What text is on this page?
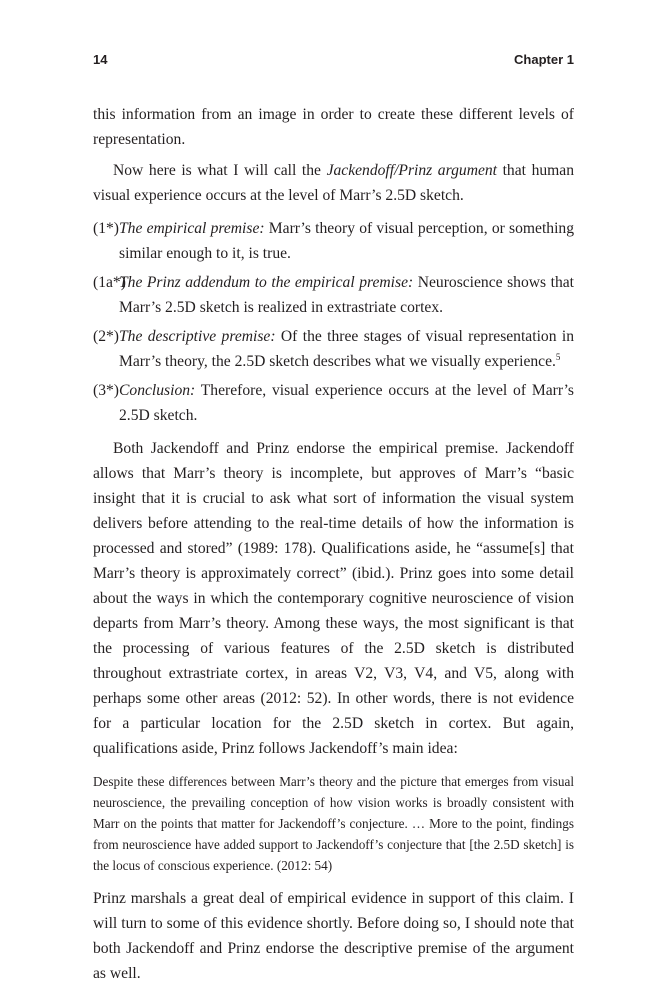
14	Chapter 1

this information from an image in order to create these different levels of representation.

Now here is what I will call the Jackendoff/Prinz argument that human visual experience occurs at the level of Marr’s 2.5D sketch.

(1*) The empirical premise: Marr’s theory of visual perception, or something similar enough to it, is true.

(1a*)
The Prinz addendum to the empirical premise: Neuroscience shows that Marr’s 2.5D sketch is realized in extrastriate cortex.

(2*) The descriptive premise: Of the three stages of visual representation in Marr’s theory, the 2.5D sketch describes what we visually experience.$^5$

(3*) Conclusion: Therefore, visual experience occurs at the level of Marr’s 2.5D sketch.

Both Jackendoff and Prinz endorse the empirical premise. Jackendoff allows that Marr’s theory is incomplete, but approves of Marr’s “basic insight that it is crucial to ask what sort of information the visual system delivers before attending to the real-time details of how the information is processed and stored” (1989: 178). Qualifications aside, he “assume[s] that Marr’s theory is approximately correct” (ibid.). Prinz goes into some detail about the ways in which the contemporary cognitive neuroscience of vision departs from Marr’s theory. Among these ways, the most significant is that the processing of various features of the 2.5D sketch is distributed throughout extrastriate cortex, in areas V2, V3, V4, and V5, along with perhaps some other areas (2012: 52). In other words, there is not evidence for a particular location for the 2.5D sketch in cortex. But again, qualifications aside, Prinz follows Jackendoff’s main idea:

Despite these differences between Marr’s theory and the picture that emerges from visual neuroscience, the prevailing conception of how vision works is broadly consistent with Marr on the points that matter for Jackendoff’s conjecture. … More to the point, findings from neuroscience have added support to Jackendoff’s conjecture that [the 2.5D sketch] is the locus of conscious experience. (2012: 54)

Prinz marshals a great deal of empirical evidence in support of this claim. I will turn to some of this evidence shortly. Before doing so, I should note that both Jackendoff and Prinz endorse the descriptive premise of the argument as well.
